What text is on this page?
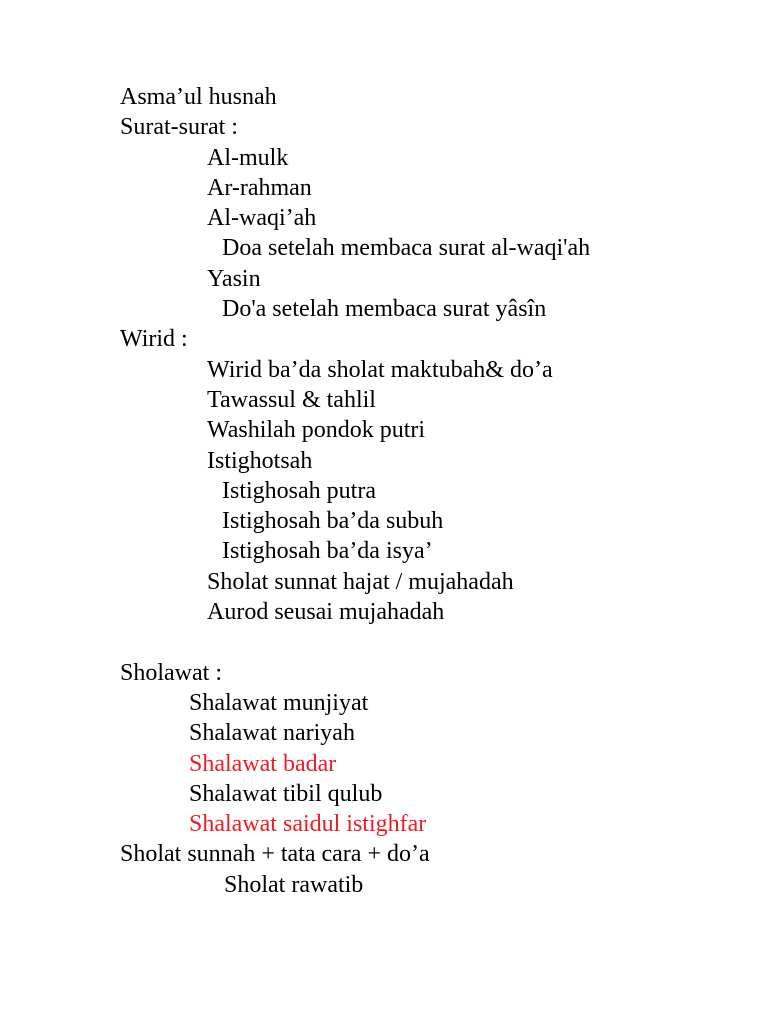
Asma’ul husnah
Surat-surat :
Al-mulk
Ar-rahman
Al-waqi’ah
Doa setelah membaca surat al-waqi'ah
Yasin
Do'a setelah membaca surat yâsîn
Wirid :
Wirid ba’da sholat maktubah& do’a
Tawassul & tahlil
Washilah pondok putri
Istighotsah
Istighosah putra
Istighosah ba’da subuh
Istighosah ba’da isya’
Sholat sunnat hajat / mujahadah
Aurod seusai mujahadah
Sholawat :
Shalawat munjiyat
Shalawat nariyah
Shalawat badar
Shalawat tibil qulub
Shalawat saidul istighfar
Sholat sunnah + tata cara + do’a
Sholat rawatib
